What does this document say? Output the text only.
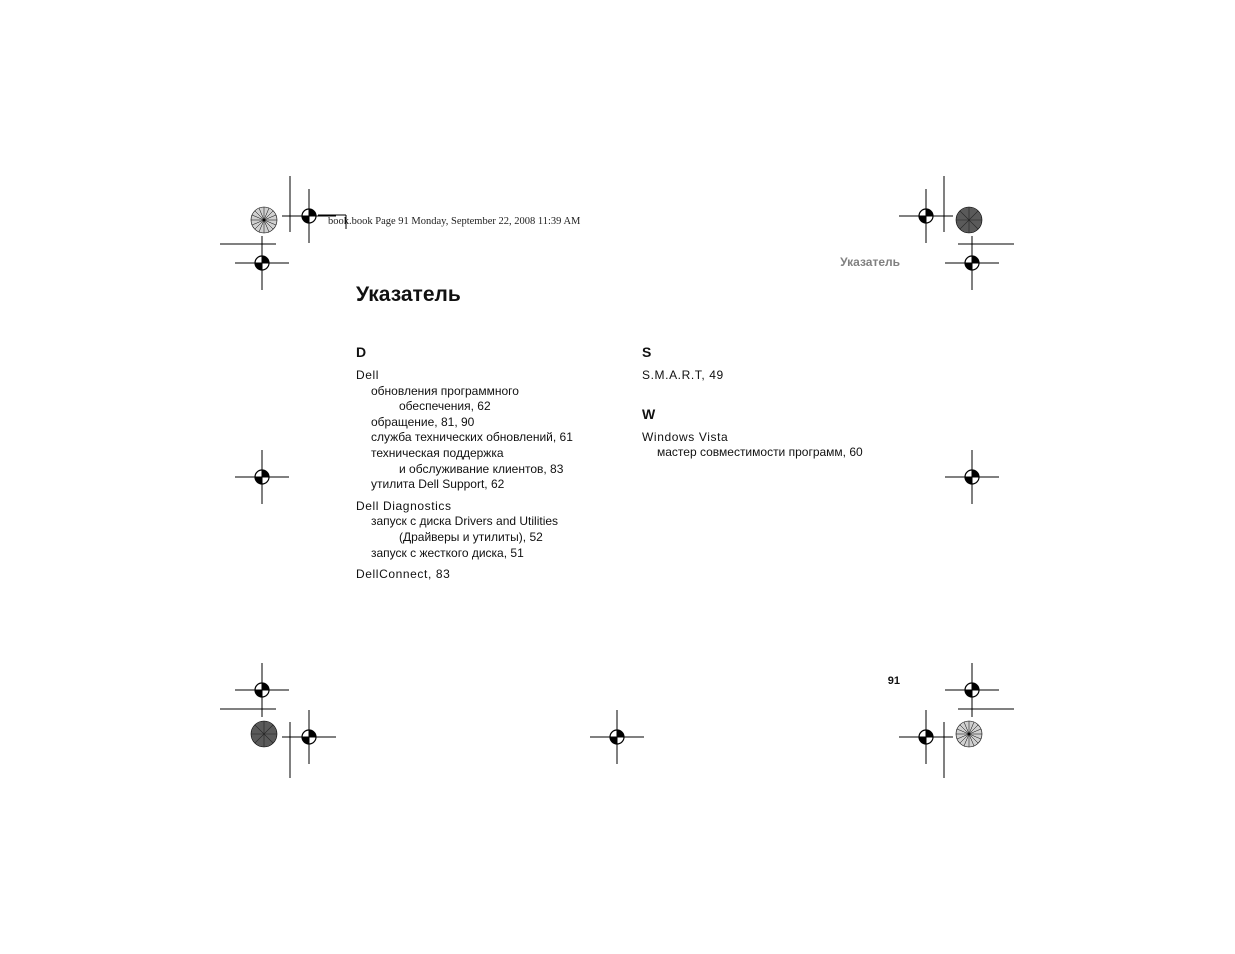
book.book Page 91 Monday, September 22, 2008 11:39 AM
Указатель
Указатель
D
Dell
обновления программного
обеспечения, 62
обращение, 81, 90
служба технических обновлений, 61
техническая поддержка
и обслуживание клиентов, 83
утилита Dell Support, 62
Dell Diagnostics
запуск с диска Drivers and Utilities
(Драйверы и утилиты), 52
запуск с жесткого диска, 51
DellConnect, 83
S
S.M.A.R.T, 49
W
Windows Vista
мастер совместимости программ, 60
91
